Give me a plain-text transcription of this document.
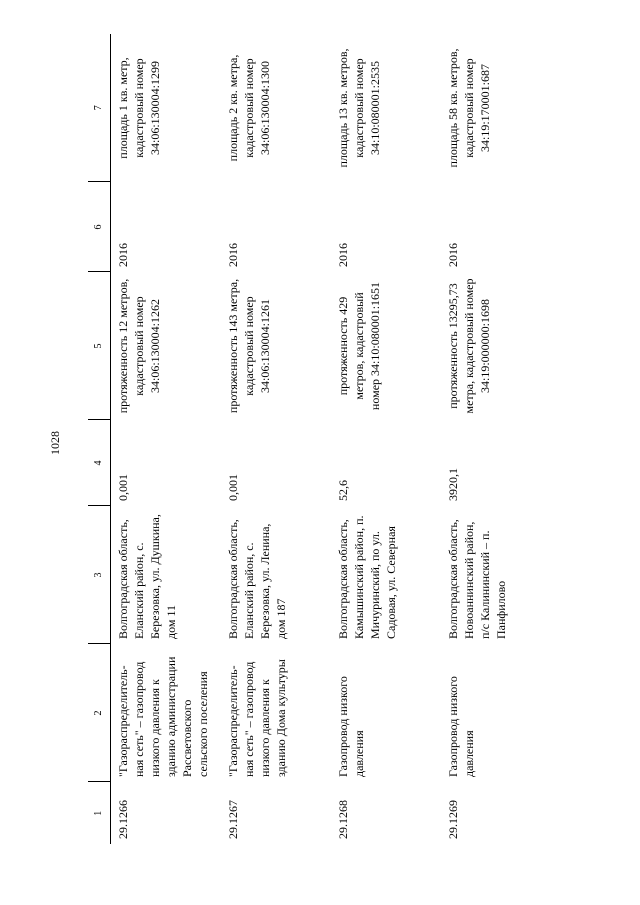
1028
1	2	3	4	5	6	7
29.1266	"Газораспределитель-ная сеть" – газопровод низкого давления к зданию администрации Рассветовского сельского поселения	Волгоградская область, Еланский район, с. Березовка, ул. Душкина, дом 11	0,001	протяженность 12 метров, кадастровый номер 34:06:130004:1262	2016	площадь 1 кв. метр, кадастровый номер 34:06:130004:1299
29.1267	"Газораспределитель-ная сеть" – газопровод низкого давления к зданию Дома культуры	Волгоградская область, Еланский район, с. Березовка, ул. Ленина, дом 187	0,001	протяженность 143 метра, кадастровый номер 34:06:130004:1261	2016	площадь 2 кв. метра, кадастровый номер 34:06:130004:1300
29.1268	Газопровод низкого давления	Волгоградская область, Камышинский район, п. Мичуринский, по ул. Садовая, ул. Северная	52,6	протяженность 429 метров, кадастровый номер 34:10:080001:1651	2016	площадь 13 кв. метров, кадастровый номер 34:10:080001:2535
29.1269	Газопровод низкого давления	Волгоградская область, Новоаннинский район, п/с Калининский – п. Панфилово	3920,1	протяженность 13295,73 метра, кадастровый номер 34:19:000000:1698	2016	площадь 58 кв. метров, кадастровый номер 34:19:170001:687
